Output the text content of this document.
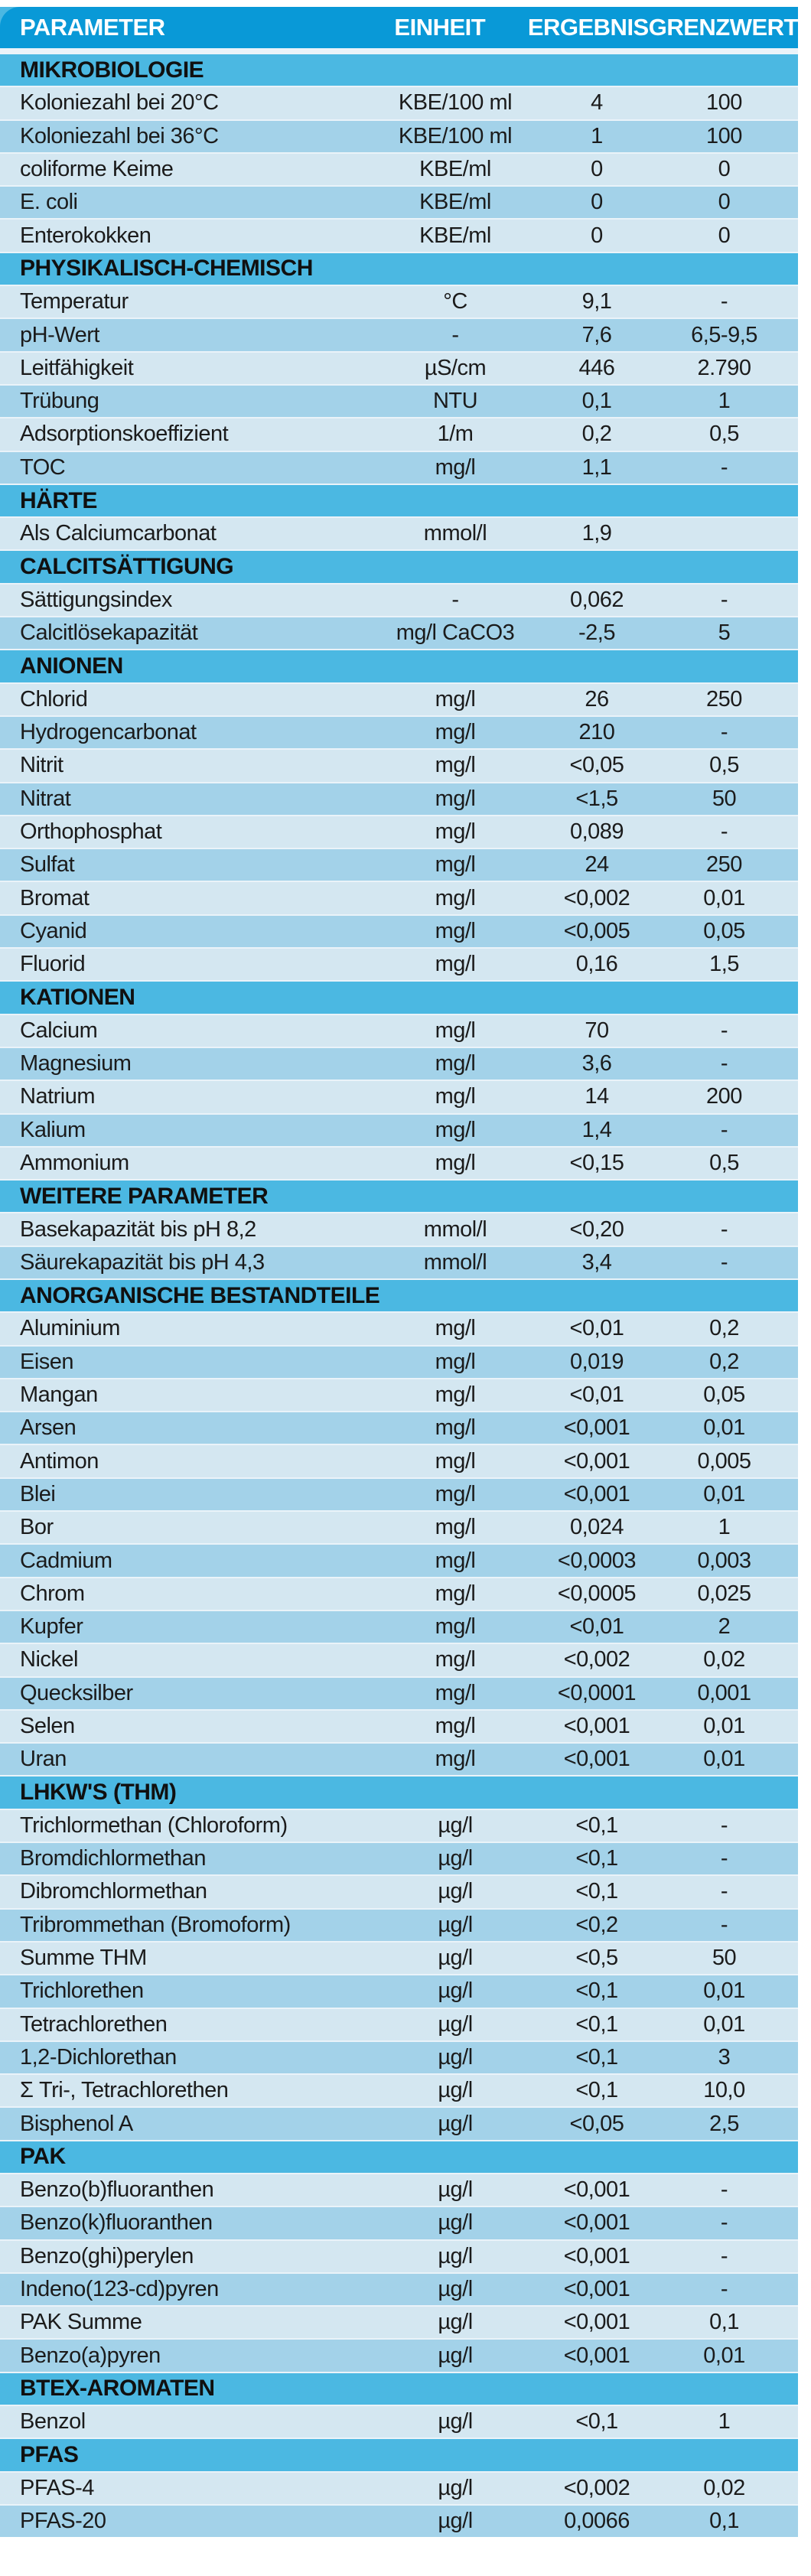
PARAMETER	EINHEIT	ERGEBNIS GRENZWERT
MIKROBIOLOGIE
Koloniezahl bei 20°C	KBE/100 ml	4	100
Koloniezahl bei 36°C	KBE/100 ml	1	100
coliforme Keime	KBE/ml	0	0
E. coli	KBE/ml	0	0
Enterokokken	KBE/ml	0	0
PHYSIKALISCH-CHEMISCH
Temperatur	°C	9,1	-
pH-Wert	-	7,6	6,5-9,5
Leitfähigkeit	µS/cm	446	2.790
Trübung	NTU	0,1	1
Adsorptionskoeffizient	1/m	0,2	0,5
TOC	mg/l	1,1	-
HÄRTE
Als Calciumcarbonat	mmol/l	1,9
CALCITSÄTTIGUNG
Sättigungsindex	-	0,062	-
Calcitlösekapazität	mg/l CaCO3	-2,5	5
ANIONEN
Chlorid	mg/l	26	250
Hydrogencarbonat	mg/l	210	-
Nitrit	mg/l	<0,05	0,5
Nitrat	mg/l	<1,5	50
Orthophosphat	mg/l	0,089	-
Sulfat	mg/l	24	250
Bromat	mg/l	<0,002	0,01
Cyanid	mg/l	<0,005	0,05
Fluorid	mg/l	0,16	1,5
KATIONEN
Calcium	mg/l	70	-
Magnesium	mg/l	3,6	-
Natrium	mg/l	14	200
Kalium	mg/l	1,4	-
Ammonium	mg/l	<0,15	0,5
WEITERE PARAMETER
Basekapazität bis pH 8,2	mmol/l	<0,20	-
Säurekapazität bis pH 4,3	mmol/l	3,4	-
ANORGANISCHE BESTANDTEILE
Aluminium	mg/l	<0,01	0,2
Eisen	mg/l	0,019	0,2
Mangan	mg/l	<0,01	0,05
Arsen	mg/l	<0,001	0,01
Antimon	mg/l	<0,001	0,005
Blei	mg/l	<0,001	0,01
Bor	mg/l	0,024	1
Cadmium	mg/l	<0,0003	0,003
Chrom	mg/l	<0,0005	0,025
Kupfer	mg/l	<0,01	2
Nickel	mg/l	<0,002	0,02
Quecksilber	mg/l	<0,0001	0,001
Selen	mg/l	<0,001	0,01
Uran	mg/l	<0,001	0,01
LHKW'S (THM)
Trichlormethan (Chloroform)	µg/l	<0,1	-
Bromdichlormethan	µg/l	<0,1	-
Dibromchlormethan	µg/l	<0,1	-
Tribrommethan (Bromoform)	µg/l	<0,2	-
Summe THM	µg/l	<0,5	50
Trichlorethen	µg/l	<0,1	0,01
Tetrachlorethen	µg/l	<0,1	0,01
1,2-Dichlorethan	µg/l	<0,1	3
Σ Tri-, Tetrachlorethen	µg/l	<0,1	10,0
Bisphenol A	µg/l	<0,05	2,5
PAK
Benzo(b)fluoranthen	µg/l	<0,001	-
Benzo(k)fluoranthen	µg/l	<0,001	-
Benzo(ghi)perylen	µg/l	<0,001	-
Indeno(123-cd)pyren	µg/l	<0,001	-
PAK Summe	µg/l	<0,001	0,1
Benzo(a)pyren	µg/l	<0,001	0,01
BTEX-AROMATEN
Benzol	µg/l	<0,1	1
PFAS
PFAS-4	µg/l	<0,002	0,02
PFAS-20	µg/l	0,0066	0,1
